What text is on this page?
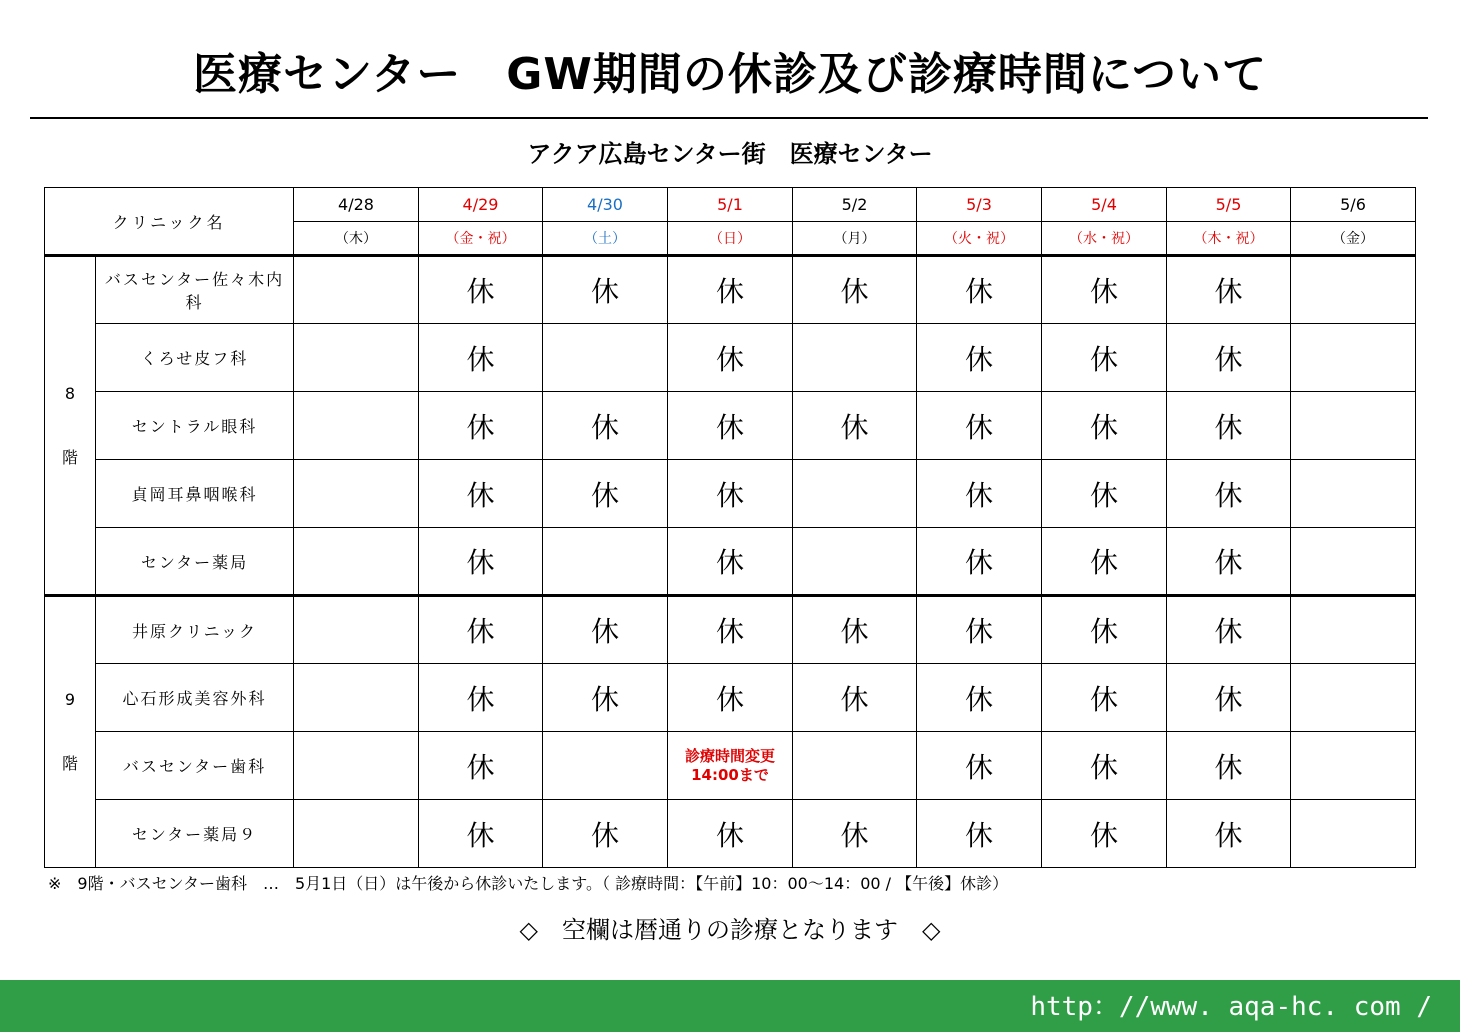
医療センター　GW期間の休診及び診療時間について
アクア広島センター街　医療センター
クリニック名		4/28	4/29	4/30	5/1	5/2	5/3	5/4	5/5	5/6
		（木）	（金・祝）	（土）	（日）	（月）	（火・祝）	（水・祝）	（木・祝）	（金）

8
階	バスセンター佐々木内科		休	休	休	休	休	休	休	
	くろせ皮フ科		休		休		休	休	休	
	セントラル眼科		休	休	休	休	休	休	休	
	貞岡耳鼻咽喉科		休	休	休		休	休	休	
	センター薬局		休		休		休	休	休	

9
階	井原クリニック		休	休	休	休	休	休	休	
	心石形成美容外科		休	休	休	休	休	休	休	
	バスセンター歯科		休		診療時間変更
14:00まで		休	休	休	
	センター薬局９		休	休	休	休	休	休	休	
※　9階・バスセンター歯科　…　5月1日（日）は午後から休診いたします。（ 診療時間：【午前】10：00～14：00 / 【午後】休診）
◇　空欄は暦通りの診療となります　◇
http：//www. aqa-hc. com /
